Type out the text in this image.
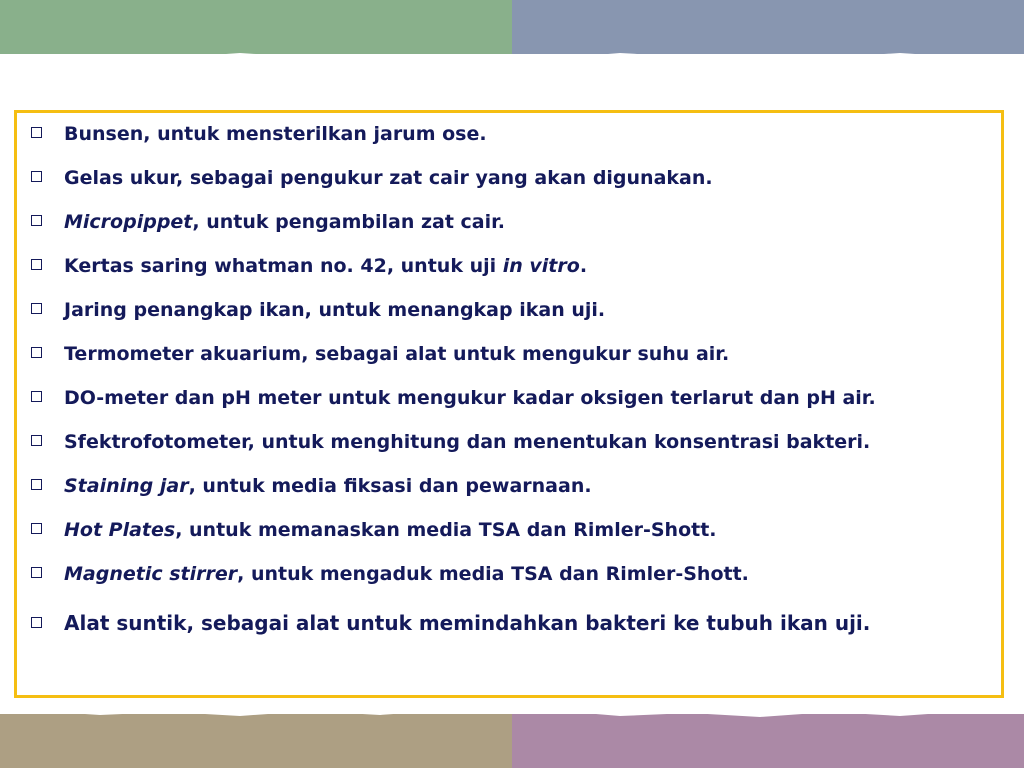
Bunsen, untuk mensterilkan jarum ose.
Gelas ukur, sebagai pengukur zat cair yang akan digunakan.
Micropippet, untuk pengambilan zat cair.
Kertas saring whatman no. 42, untuk uji in vitro.
Jaring penangkap ikan, untuk menangkap ikan uji.
Termometer akuarium, sebagai alat untuk mengukur suhu air.
DO-meter dan pH meter untuk mengukur kadar oksigen terlarut dan pH air.
Sfektrofotometer, untuk menghitung dan menentukan konsentrasi bakteri.
Staining jar, untuk media fiksasi dan pewarnaan.
Hot Plates, untuk memanaskan media TSA dan Rimler-Shott.
Magnetic stirrer, untuk mengaduk media TSA dan Rimler-Shott.
Alat suntik, sebagai alat untuk memindahkan bakteri ke tubuh ikan uji.
